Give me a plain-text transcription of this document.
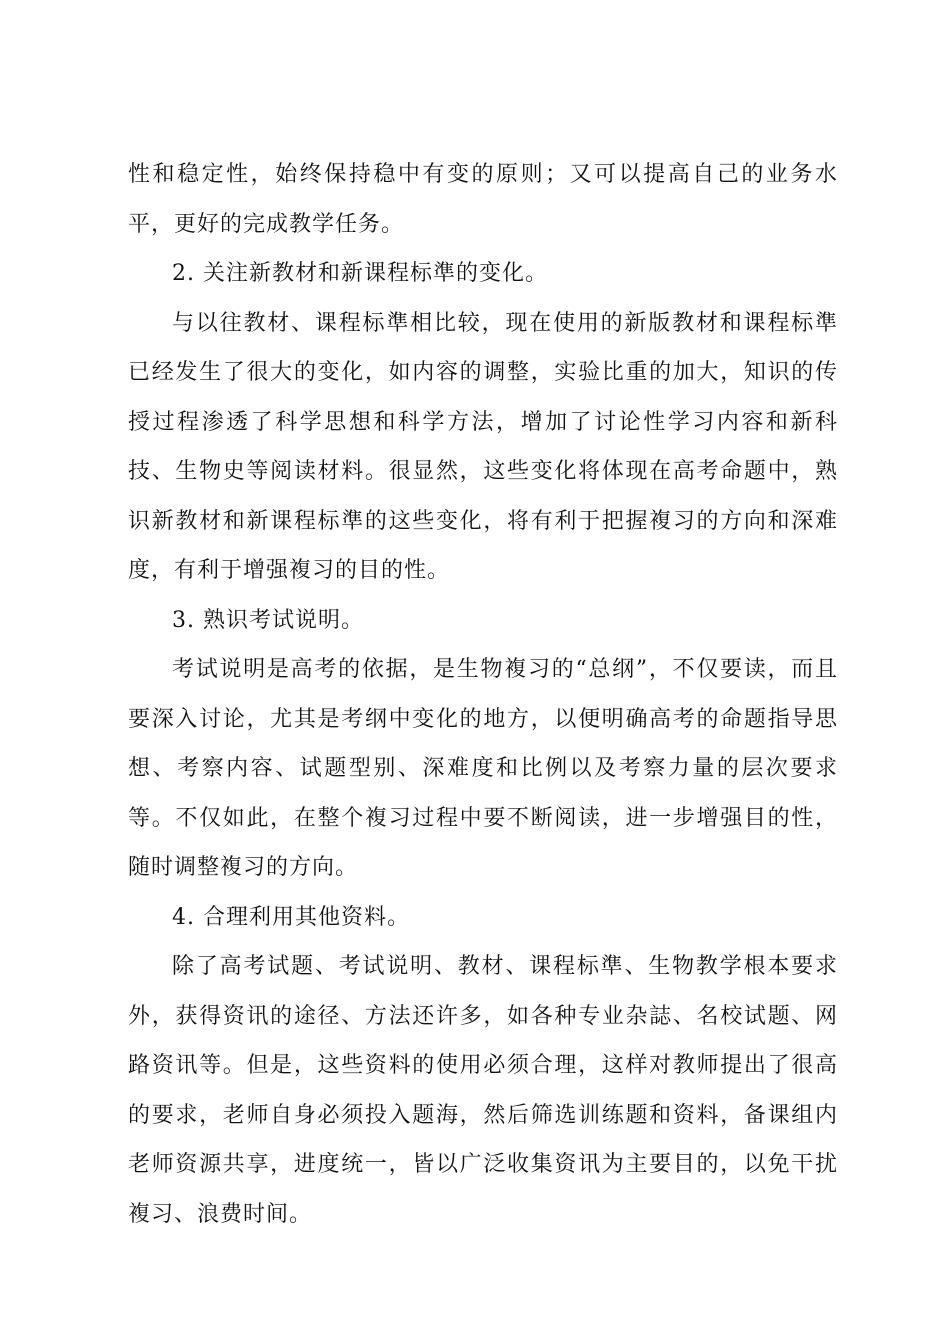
性和稳定性，始终保持稳中有变的原则；又可以提高自己的业务水平，更好的完成教学任务。

2. 关注新教材和新课程标準的变化。

与以往教材、课程标準相比较，现在使用的新版教材和课程标準已经发生了很大的变化，如内容的调整，实验比重的加大，知识的传授过程渗透了科学思想和科学方法，增加了讨论性学习内容和新科技、生物史等阅读材料。很显然，这些变化将体现在高考命题中，熟识新教材和新课程标準的这些变化，将有利于把握複习的方向和深难度，有利于增强複习的目的性。

3. 熟识考试说明。

考试说明是高考的依据，是生物複习的“总纲”，不仅要读，而且要深入讨论，尤其是考纲中变化的地方，以便明确高考的命题指导思想、考察内容、试题型别、深难度和比例以及考察力量的层次要求等。不仅如此，在整个複习过程中要不断阅读，进一步增强目的性，随时调整複习的方向。

4. 合理利用其他资料。

除了高考试题、考试说明、教材、课程标準、生物教学根本要求外，获得资讯的途径、方法还许多，如各种专业杂誌、名校试题、网路资讯等。但是，这些资料的使用必须合理，这样对教师提出了很高的要求，老师自身必须投入题海，然后筛选训练题和资料，备课组内老师资源共享，进度统一，皆以广泛收集资讯为主要目的，以免干扰複习、浪费时间。
